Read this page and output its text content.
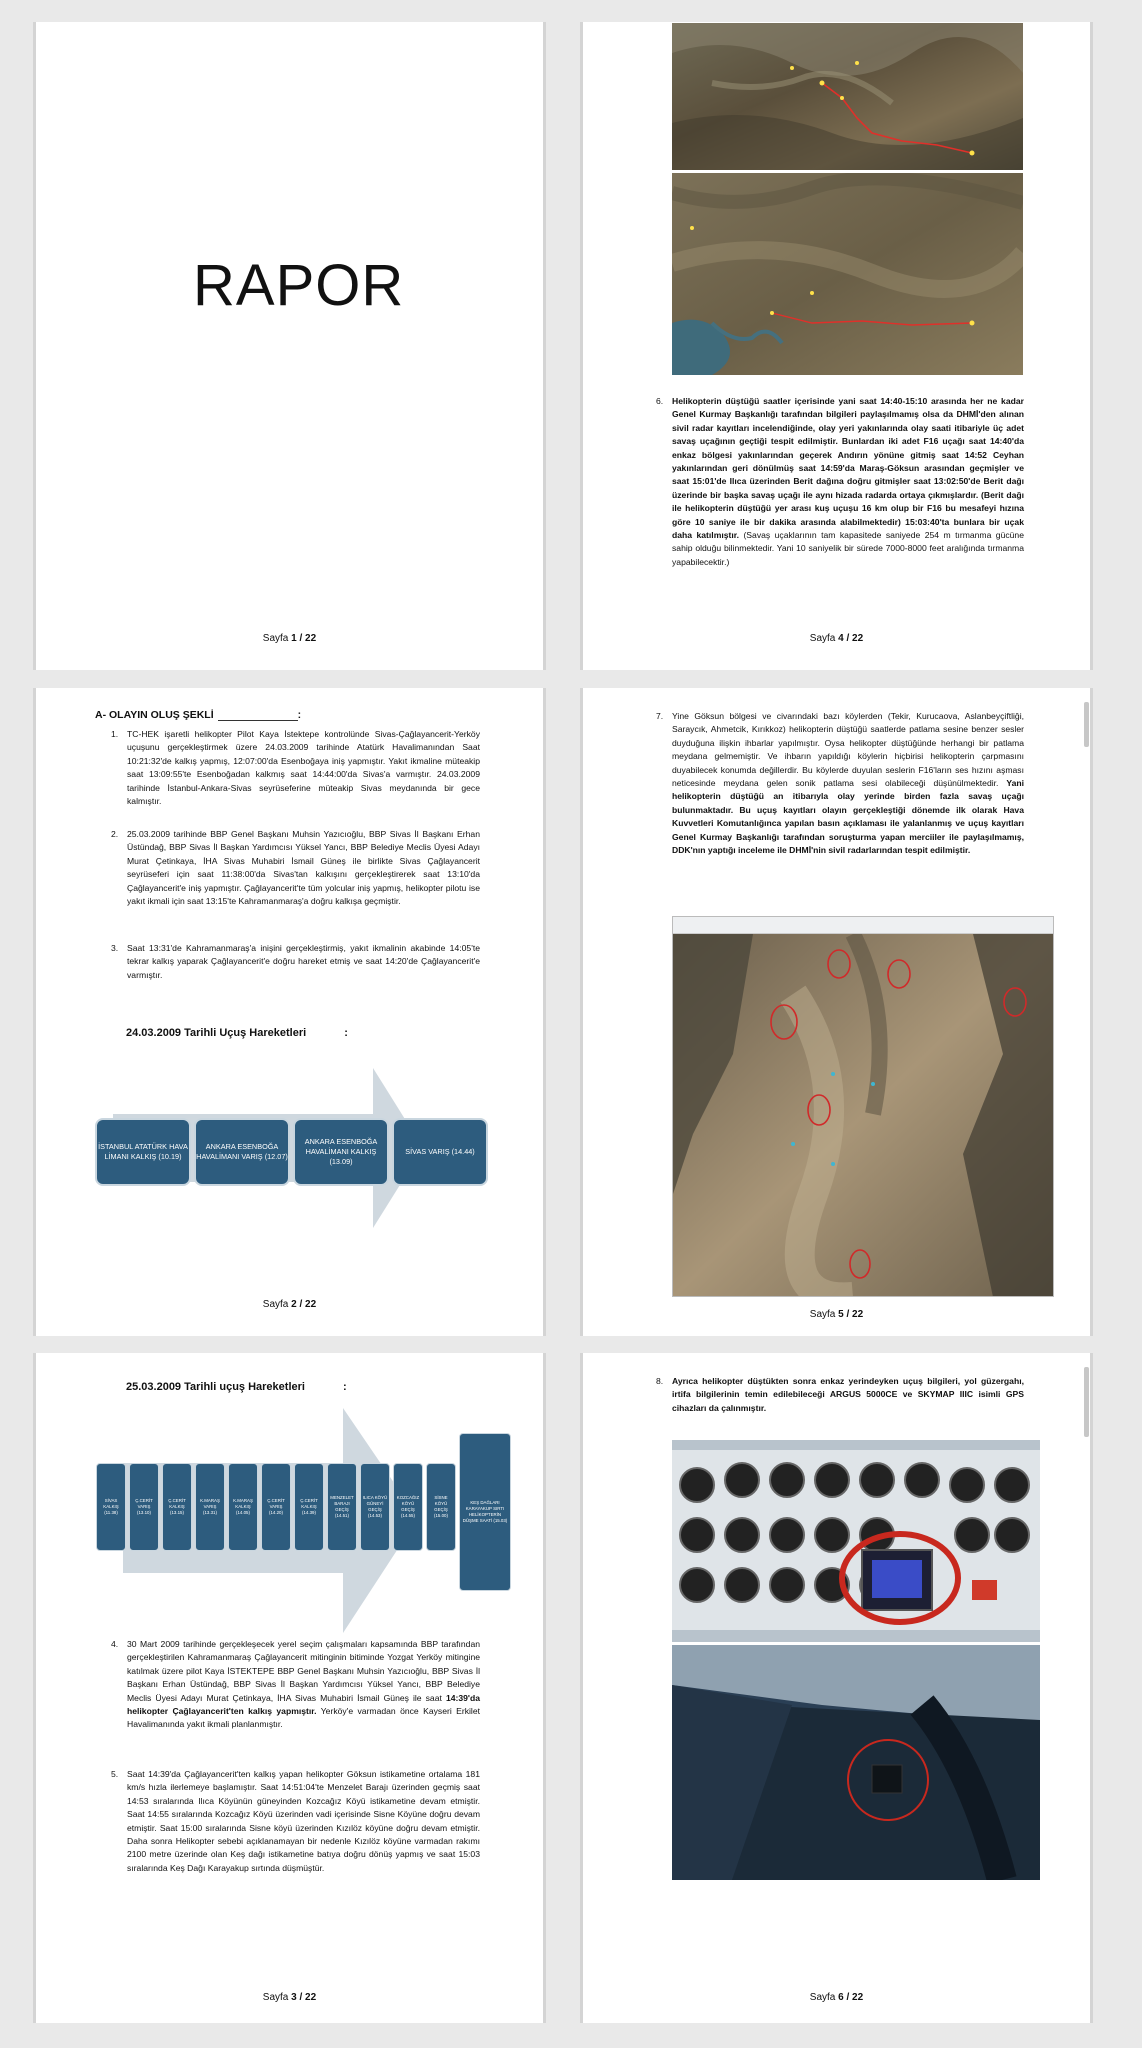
RAPOR
Sayfa 1 / 22
6. Helikopterin düştüğü saatler içerisinde yani saat 14:40-15:10 arasında her ne kadar Genel Kurmay Başkanlığı tarafından bilgileri paylaşılmamış olsa da DHMİ'den alınan sivil radar kayıtları incelendiğinde, olay yeri yakınlarında olay saati itibariyle üç adet savaş uçağının geçtiği tespit edilmiştir. Bunlardan iki adet F16 uçağı saat 14:40'da enkaz bölgesi yakınlarından geçerek Andırın yönüne gitmiş saat 14:52 Ceyhan yakınlarından geri dönülmüş saat 14:59'da Maraş-Göksun arasından geçmişler ve saat 15:01'de Ilıca üzerinden Berit dağına doğru gitmişler saat 13:02:50'de Berit dağı üzerinde bir başka savaş uçağı ile aynı hizada radarda ortaya çıkmışlardır. (Berit dağı ile helikopterin düştüğü yer arası kuş uçuşu 16 km olup bir F16 bu mesafeyi hızına göre 10 saniye ile bir dakika arasında alabilmektedir) 15:03:40'ta bunlara bir uçak daha katılmıştır. (Savaş uçaklarının tam kapasitede saniyede 254 m tırmanma gücüne sahip olduğu bilinmektedir. Yani 10 saniyelik bir sürede 7000-8000 feet aralığında tırmanma yapabilecektir.)
Sayfa 4 / 22
A- OLAYIN OLUŞ ŞEKLİ	:
1. TC-HEK işaretli helikopter Pilot Kaya İstektepe kontrolünde Sivas-Çağlayancerit-Yerköy uçuşunu gerçekleştirmek üzere 24.03.2009 tarihinde Atatürk Havalimanından Saat 10:21:32'de kalkış yapmış, 12:07:00'da Esenboğaya iniş yapmıştır. Yakıt ikmaline müteakip saat 13:09:55'te Esenboğadan kalkmış saat 14:44:00'da Sivas'a varmıştır. 24.03.2009 tarihinde İstanbul-Ankara-Sivas seyrüseferine müteakip Sivas meydanında bir gece kalmıştır.
2. 25.03.2009 tarihinde BBP Genel Başkanı Muhsin Yazıcıoğlu, BBP Sivas İl Başkanı Erhan Üstündağ, BBP Sivas İl Başkan Yardımcısı Yüksel Yancı, BBP Belediye Meclis Üyesi Adayı Murat Çetinkaya, İHA Sivas Muhabiri İsmail Güneş ile birlikte Sivas Çağlayancerit seyrüseferi için saat 11:38:00'da Sivas'tan kalkışını gerçekleştirerek saat 13:10'da Çağlayancerit'e iniş yapmıştır. Çağlayancerit'te tüm yolcular iniş yapmış, helikopter pilotu ise yakıt ikmali için saat 13:15'te Kahramanmaraş'a doğru kalkışa geçmiştir.
3. Saat 13:31'de Kahramanmaraş'a inişini gerçekleştirmiş, yakıt ikmalinin akabinde 14:05'te tekrar kalkış yaparak Çağlayancerit'e doğru hareket etmiş ve saat 14:20'de Çağlayancerit'e varmıştır.
24.03.2009 Tarihli Uçuş Hareketleri	:
İSTANBUL ATATÜRK HAVA LİMANI KALKIŞ (10.19)
ANKARA ESENBOĞA HAVALİMANI VARIŞ (12.07)
ANKARA ESENBOĞA HAVALİMANI KALKIŞ (13.09)
SİVAS VARIŞ (14.44)
Sayfa 2 / 22
7. Yine Göksun bölgesi ve civarındaki bazı köylerden (Tekir, Kurucaova, Aslanbeyçiftliği, Saraycık, Ahmetcik, Kırıkkoz) helikopterin düştüğü saatlerde patlama sesine benzer sesler duyduğuna ilişkin ihbarlar yapılmıştır. Oysa helikopter düştüğünde herhangi bir patlama meydana gelmemiştir. Ve ihbarın yapıldığı köylerin hiçbirisi helikopterin çarpmasını duyabilecek konumda değillerdir. Bu köylerde duyulan seslerin F16'ların ses hızını aşması neticesinde meydana gelen sonik patlama sesi olabileceği düşünülmektedir. Yani helikopterin düştüğü an itibarıyla olay yerinde birden fazla savaş uçağı bulunmaktadır. Bu uçuş kayıtları olayın gerçekleştiği dönemde ilk olarak Hava Kuvvetleri Komutanlığınca yapılan basın açıklaması ile yalanlanmış ve uçuş kayıtları Genel Kurmay Başkanlığı tarafından soruşturma yapan merciiler ile paylaşılmamış, DDK'nın yaptığı inceleme ile DHMİ'nin sivil radarlarından tespit edilmiştir.
Sayfa 5 / 22
25.03.2009 Tarihli uçuş Hareketleri	:
SİVAS KALKIŞ (11.38)
Ç.CERİT VARIŞ (13.10)
Ç.CERİT KALKIŞ (13.15)
K.MARAŞ VARIŞ (13.31)
K.MARAŞ KALKIŞ (14.05)
Ç.CERİT VARIŞ (14.20)
Ç.CERİT KALKIŞ (14.39)
MENZELET BARAJI GEÇİŞ (14.51)
ILICA KÖYÜ GÜNEYİ GEÇİŞ (14.53)
KOZCAĞIZ KÖYÜ GEÇİŞ (14.55)
SİSNE KÖYÜ GEÇİŞ (15.00)
KEŞ DAĞLARI KARAYAKUP SIRTI HELİKOPTERİN DÜŞME SAATİ (15.03)
4. 30 Mart 2009 tarihinde gerçekleşecek yerel seçim çalışmaları kapsamında BBP tarafından gerçekleştirilen Kahramanmaraş Çağlayancerit mitinginin bitiminde Yozgat Yerköy mitingine katılmak üzere pilot Kaya İSTEKTEPE BBP Genel Başkanı Muhsin Yazıcıoğlu, BBP Sivas İl Başkanı Erhan Üstündağ, BBP Sivas İl Başkan Yardımcısı Yüksel Yancı, BBP Belediye Meclis Üyesi Adayı Murat Çetinkaya, İHA Sivas Muhabiri İsmail Güneş ile saat 14:39'da helikopter Çağlayancerit'ten kalkış yapmıştır. Yerköy'e varmadan önce Kayseri Erkilet Havalimanında yakıt ikmali planlanmıştır.
5. Saat 14:39'da Çağlayancerit'ten kalkış yapan helikopter Göksun istikametine ortalama 181 km/s hızla ilerlemeye başlamıştır. Saat 14:51:04'te Menzelet Barajı üzerinden geçmiş saat 14:53 sıralarında Ilıca Köyünün güneyinden Kozcağız Köyü istikametine devam etmiştir. Saat 14:55 sıralarında Kozcağız Köyü üzerinden vadi içerisinde Sisne Köyüne doğru devam etmiştir. Saat 15:00 sıralarında Sisne köyü üzerinden Kızılöz köyüne doğru devam etmiştir. Daha sonra Helikopter sebebi açıklanamayan bir nedenle Kızılöz köyüne varmadan rakımı 2100 metre üzerinde olan Keş dağı istikametine batıya doğru dönüş yapmış ve saat 15:03 sıralarında Keş Dağı Karayakup sırtında düşmüştür.
Sayfa 3 / 22
8. Ayrıca helikopter düştükten sonra enkaz yerindeyken uçuş bilgileri, yol güzergahı, irtifa bilgilerinin temin edilebileceği ARGUS 5000CE ve SKYMAP IIIC isimli GPS cihazları da çalınmıştır.
Sayfa 6 / 22
